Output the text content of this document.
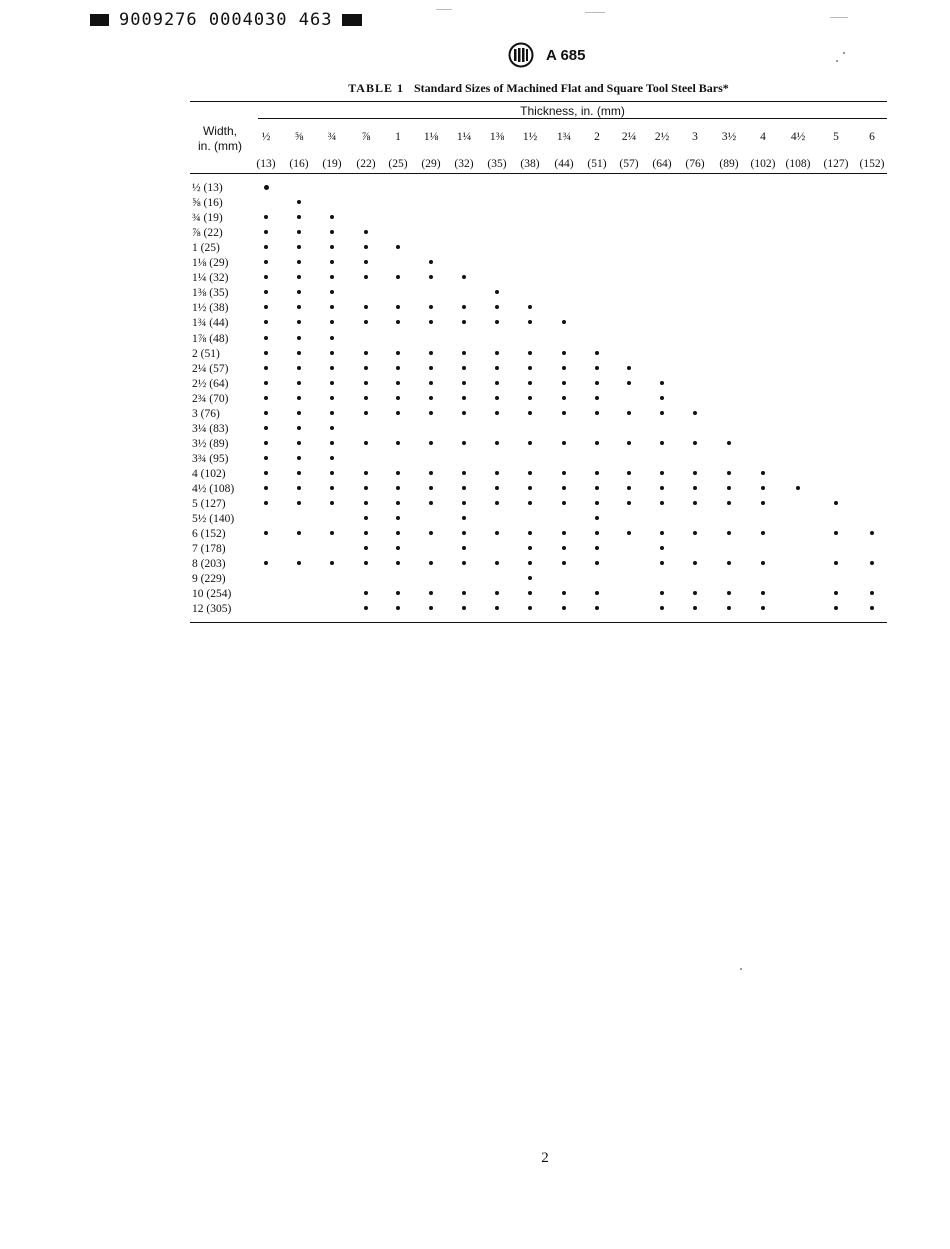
9009276 0004030 463
A 685
TABLE 1 Standard Sizes of Machined Flat and Square Tool Steel Bars*
Thickness, in. (mm)
Width,
in. (mm)
½
(13)
⅝
(16)
¾
(19)
⅞
(22)
1
(25)
1⅛
(29)
1¼
(32)
1⅜
(35)
1½
(38)
1¾
(44)
2
(51)
2¼
(57)
2½
(64)
3
(76)
3½
(89)
4
(102)
4½
(108)
5
(127)
6
(152)
½ (13)
⅝ (16)
¾ (19)
⅞ (22)
1 (25)
1⅛ (29)
1¼ (32)
1⅜ (35)
1½ (38)
1¾ (44)
1⅞ (48)
2 (51)
2¼ (57)
2½ (64)
2¾ (70)
3 (76)
3¼ (83)
3½ (89)
3¾ (95)
4 (102)
4½ (108)
5 (127)
5½ (140)
6 (152)
7 (178)
8 (203)
9 (229)
10 (254)
12 (305)
2
